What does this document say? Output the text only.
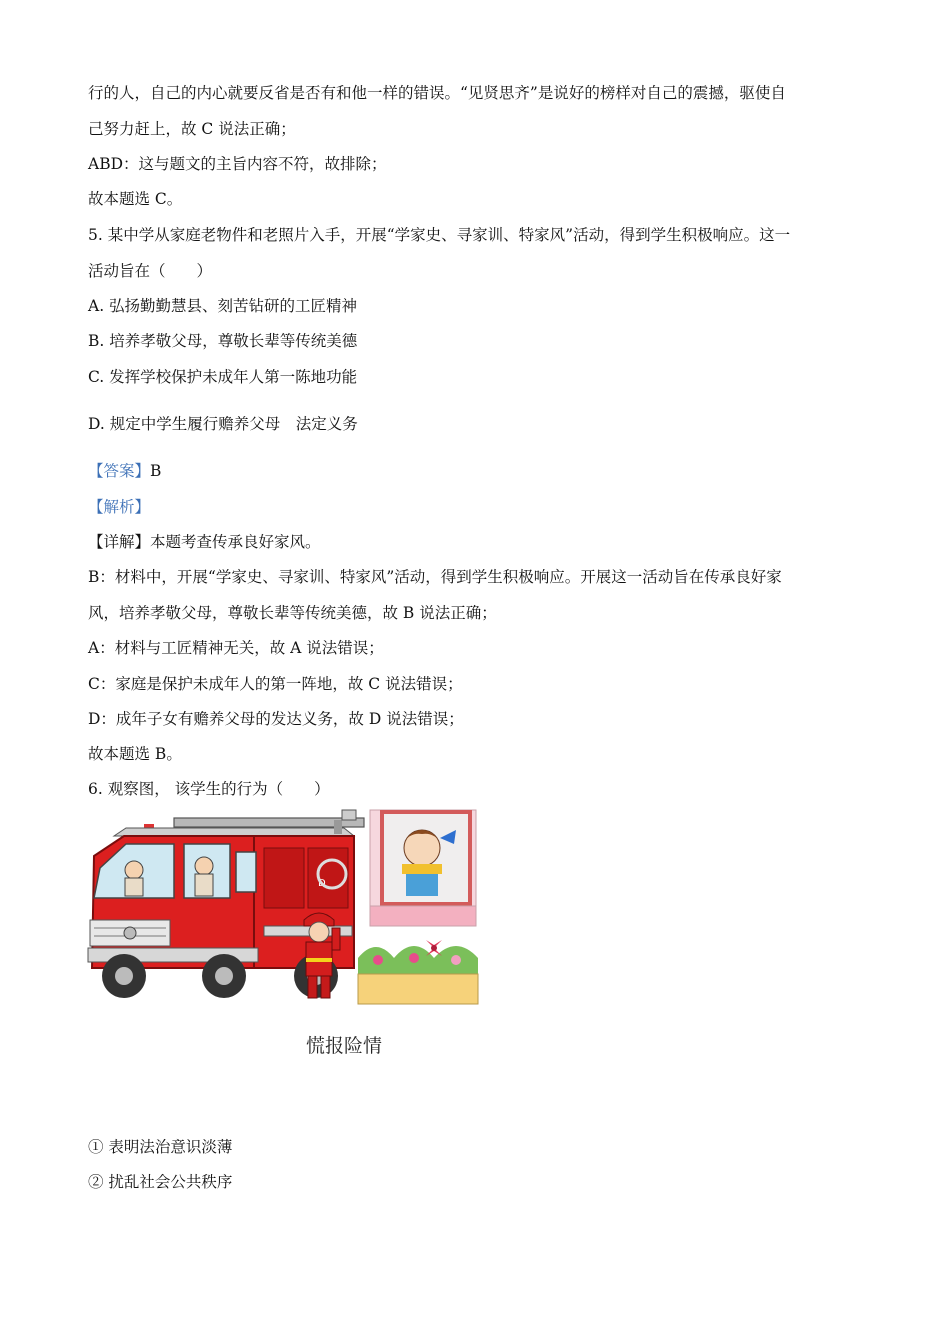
行的人，自己的内心就要反省是否有和他一样的错误。“见贤思齐”是说好的榜样对自己的震撼，驱使自
己努力赶上，故 C 说法正确；
ABD：这与题文的主旨内容不符，故排除；
故本题选 C。
5. 某中学从家庭老物件和老照片入手，开展“学家史、寻家训、特家风”活动，得到学生积极响应。这一
活动旨在（　　）
A. 弘扬勤勤慧县、刻苦钻研的工匠精神
B. 培养孝敬父母，尊敬长辈等传统美德
C. 发挥学校保护未成年人第一陈地功能
D. 规定中学生履行赡养父母　法定义务
【答案】B
【解析】
【详解】本题考查传承良好家风。
B：材料中，开展“学家史、寻家训、特家风”活动，得到学生积极响应。开展这一活动旨在传承良好家
风，培养孝敬父母，尊敬长辈等传统美德，故 B 说法正确；
A：材料与工匠精神无关，故 A 说法错误；
C：家庭是保护未成年人的第一阵地，故 C 说法错误；
D：成年子女有赡养父母的发达义务，故 D 说法错误；
故本题选 B。
6. 观察图， 该学生的行为（　　）
D
慌报险情
① 表明法治意识淡薄
② 扰乱社会公共秩序
